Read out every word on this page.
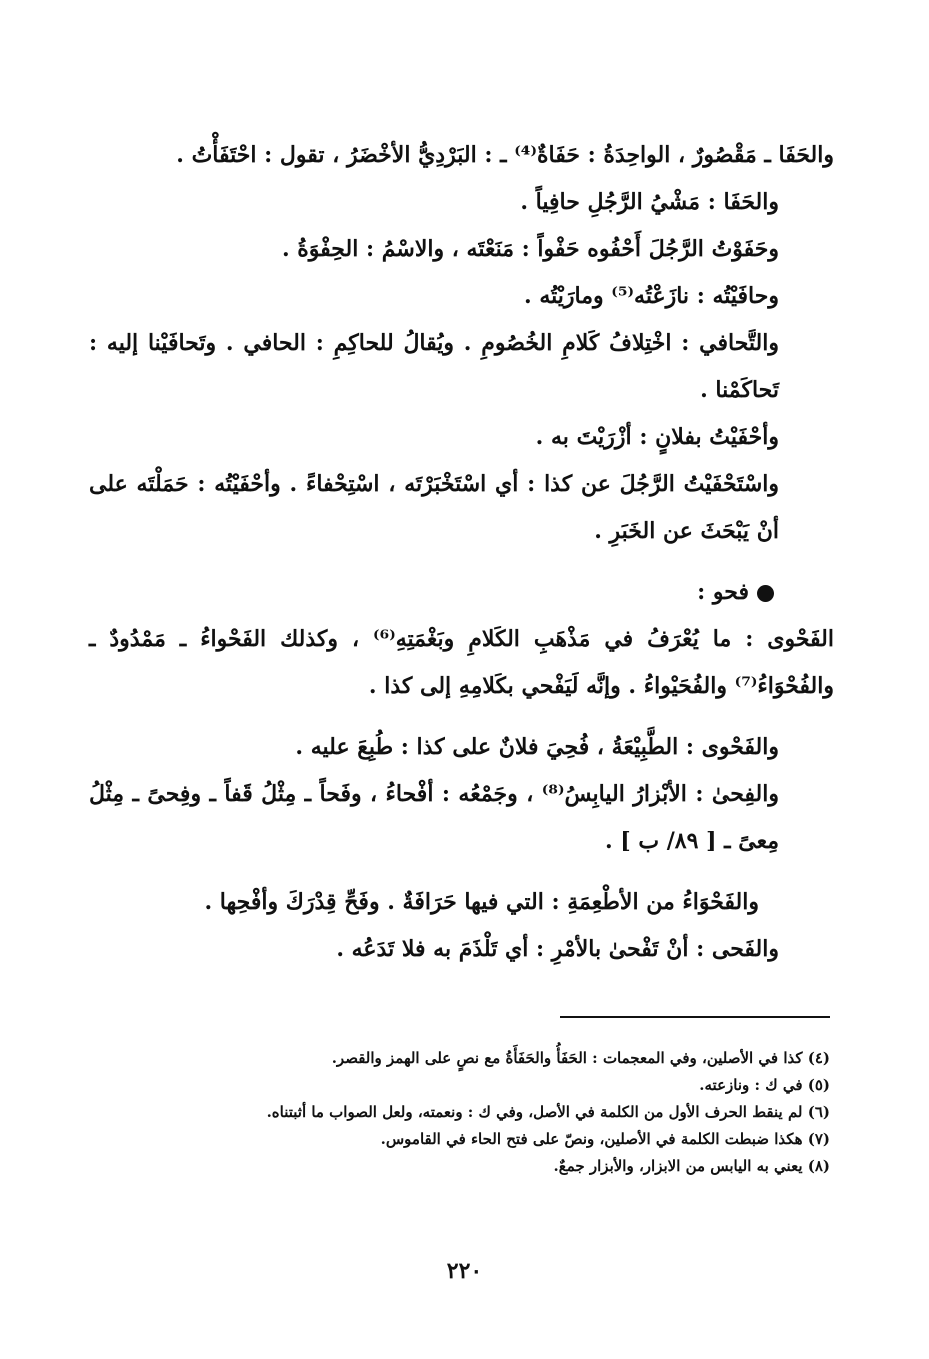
والحَفَا ـ مَقْصُورٌ ، الواحِدَةُ : حَفَاةٌ⁽⁴⁾ ـ : البَرْدِيُّ الأخْضَرُ ، تقول : احْتَفَأْتُ .

والحَفَا : مَشْيُ الرَّجُلِ حافِياً .

وحَفَوْتُ الرَّجُلَ أَحْفُوه حَفْواً : مَنَعْتَه ، والاسْمُ : الحِفْوَةُ .

وحافَيْتُه : نازَعْتُه⁽⁵⁾ ومارَيْتُه .

والتَّحافي : اخْتِلافُ كَلامِ الخُصُومِ . ويُقالُ للحاكِمِ : الحافي . وتَحافَيْنا إليه : تَحاكَمْنا .

وأحْفَيْتُ بفلانٍ : أزْرَيْتَ به .

واسْتَحْفَيْتُ الرَّجُلَ عن كذا : أي اسْتَخْبَرْتَه ، اسْتِحْفاءً . وأحْفَيْتُه : حَمَلْتَه على أنْ يَبْحَثَ عن الخَبَرِ .

فحو :

الفَحْوى : ما يُعْرَفُ في مَذْهَبِ الكَلامِ وبَغْمَتِهِ⁽⁶⁾ ، وكذلك الفَحْواءُ ـ مَمْدُودٌ ـ والفُحْوَاءُ⁽⁷⁾ والفُحَيْواءُ . وإنَّه لَيَفْحي بكَلامِهِ إلى كذا .

والفَحْوى : الطَّبِيْعَةُ ، فُحِيَ فلانٌ على كذا : طُبِعَ عليه .

والفِحىٰ : الأبْزارُ اليابِسُ⁽⁸⁾ ، وجَمْعُه : أفْحاءُ ، وفَحاً ـ مِثْلُ قَفاً ـ وفِحىً ـ مِثْلُ مِعىً ـ [ ٨٩/ ب ] .

والفَحْوَاءُ من الأطْعِمَةِ : التي فيها حَرَافَةٌ . وفَحِّ قِدْرَكَ وأفْحِها .

والفَحى : أنْ تَفْحىٰ بالأمْرِ : أي تَلْذَمَ به فلا تَدَعُه .

(٤) كذا في الأصلين، وفي المعجمات : الحَفَأُ والحَفَأَةُ مع نصٍ على الهمز والقصر.

(٥) في ك : ونازعته.

(٦) لم ينقط الحرف الأول من الكلمة في الأصل، وفي ك : ونعمته، ولعل الصواب ما أثبتناه.

(٧) هكذا ضبطت الكلمة في الأصلين، ونصّ على فتح الحاء في القاموس.

(٨) يعني به اليابس من الابزار، والأبزار جمعٌ.

٢٢٠
